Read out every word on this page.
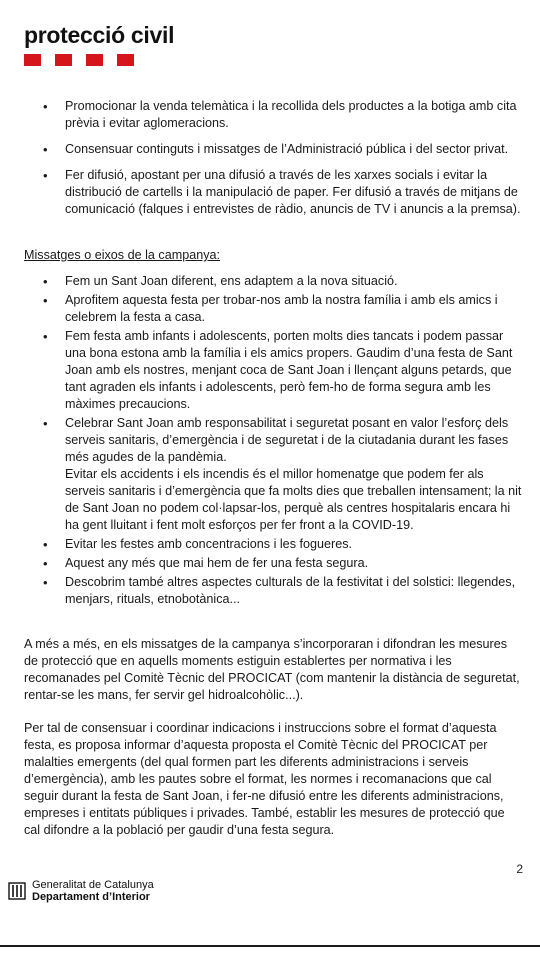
protecció civil
• Promocionar la venda telemàtica i la recollida dels productes a la botiga amb cita prèvia i evitar aglomeracions.
• Consensuar continguts i missatges de l’Administració pública i del sector privat.
• Fer difusió, apostant per una difusió a través de les xarxes socials i evitar la distribució de cartells i la manipulació de paper. Fer difusió a través de mitjans de comunicació (falques i entrevistes de ràdio, anuncis de TV i anuncis a la premsa).
Missatges o eixos de la campanya:
• Fem un Sant Joan diferent, ens adaptem a la nova situació.
• Aprofitem aquesta festa per trobar-nos amb la nostra família i amb els amics i celebrem la festa a casa.
• Fem festa amb infants i adolescents, porten molts dies tancats i podem passar una bona estona amb la família i els amics propers. Gaudim d’una festa de Sant Joan amb els nostres, menjant coca de Sant Joan i llençant alguns petards, que tant agraden els infants i adolescents, però fem-ho de forma segura amb les màximes precaucions.
• Celebrar Sant Joan amb responsabilitat i seguretat posant en valor l’esforç dels serveis sanitaris, d’emergència i de seguretat i de la ciutadania durant les fases més agudes de la pandèmia.
Evitar els accidents i els incendis és el millor homenatge que podem fer als serveis sanitaris i d’emergència que fa molts dies que treballen intensament; la nit de Sant Joan no podem col·lapsar-los, perquè als centres hospitalaris encara hi ha gent lluitant i fent molt esforços per fer front a la COVID-19.
• Evitar les festes amb concentracions i les fogueres.
• Aquest any més que mai hem de fer una festa segura.
• Descobrim també altres aspectes culturals de la festivitat i del solstici: llegendes, menjars, rituals, etnobotànica...

A més a més, en els missatges de la campanya s’incorporaran i difondran les mesures de protecció que en aquells moments estiguin establertes per normativa i les recomanades pel Comitè Tècnic del PROCICAT (com mantenir la distància de seguretat, rentar-se les mans, fer servir gel hidroalcohòlic...).

Per tal de consensuar i coordinar indicacions i instruccions sobre el format d’aquesta festa, es proposa informar d’aquesta proposta el Comitè Tècnic del PROCICAT per malalties emergents (del qual formen part les diferents administracions i serveis d’emergència), amb les pautes sobre el format, les normes i recomanacions que cal seguir durant la festa de Sant Joan, i fer-ne difusió entre les diferents administracions, empreses i entitats públiques i privades. També, establir les mesures de protecció que cal difondre a la població per gaudir d’una festa segura.

2
Generalitat de Catalunya
Departament d’Interior
